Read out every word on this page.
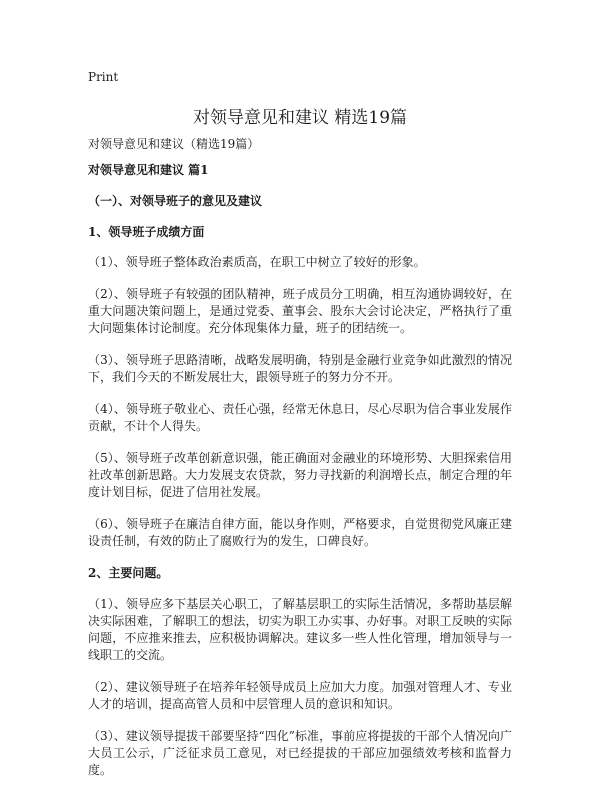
Print
对领导意见和建议 精选19篇
对领导意见和建议（精选19篇）
对领导意见和建议 篇1
（一）、对领导班子的意见及建议
1、领导班子成绩方面

（1）、领导班子整体政治素质高，在职工中树立了较好的形象。

（2）、领导班子有较强的团队精神，班子成员分工明确，相互沟通协调较好，在重大问题决策问题上，是通过党委、董事会、股东大会讨论决定，严格执行了重大问题集体讨论制度。充分体现集体力量，班子的团结统一。

（3）、领导班子思路清晰，战略发展明确，特别是金融行业竞争如此激烈的情况下，我们今天的不断发展壮大，跟领导班子的努力分不开。

（4）、领导班子敬业心、责任心强，经常无休息日，尽心尽职为信合事业发展作贡献，不计个人得失。

（5）、领导班子改革创新意识强，能正确面对金融业的环境形势、大胆探索信用社改革创新思路。大力发展支农贷款，努力寻找新的利润增长点，制定合理的年度计划目标，促进了信用社发展。

（6）、领导班子在廉洁自律方面，能以身作则，严格要求，自觉贯彻党风廉正建设责任制，有效的防止了腐败行为的发生，口碑良好。

2、主要问题。

（1）、领导应多下基层关心职工，了解基层职工的实际生活情况，多帮助基层解决实际困难，了解职工的想法，切实为职工办实事、办好事。对职工反映的实际问题，不应推来推去，应积极协调解决。建议多一些人性化管理，增加领导与一线职工的交流。

（2）、建议领导班子在培养年轻领导成员上应加大力度。加强对管理人才、专业人才的培训，提高高管人员和中层管理人员的意识和知识。

（3）、建议领导提拔干部要坚持“四化”标准，事前应将提拔的干部个人情况向广大员工公示，广泛征求员工意见，对已经提拔的干部应加强绩效考核和监督力度。
